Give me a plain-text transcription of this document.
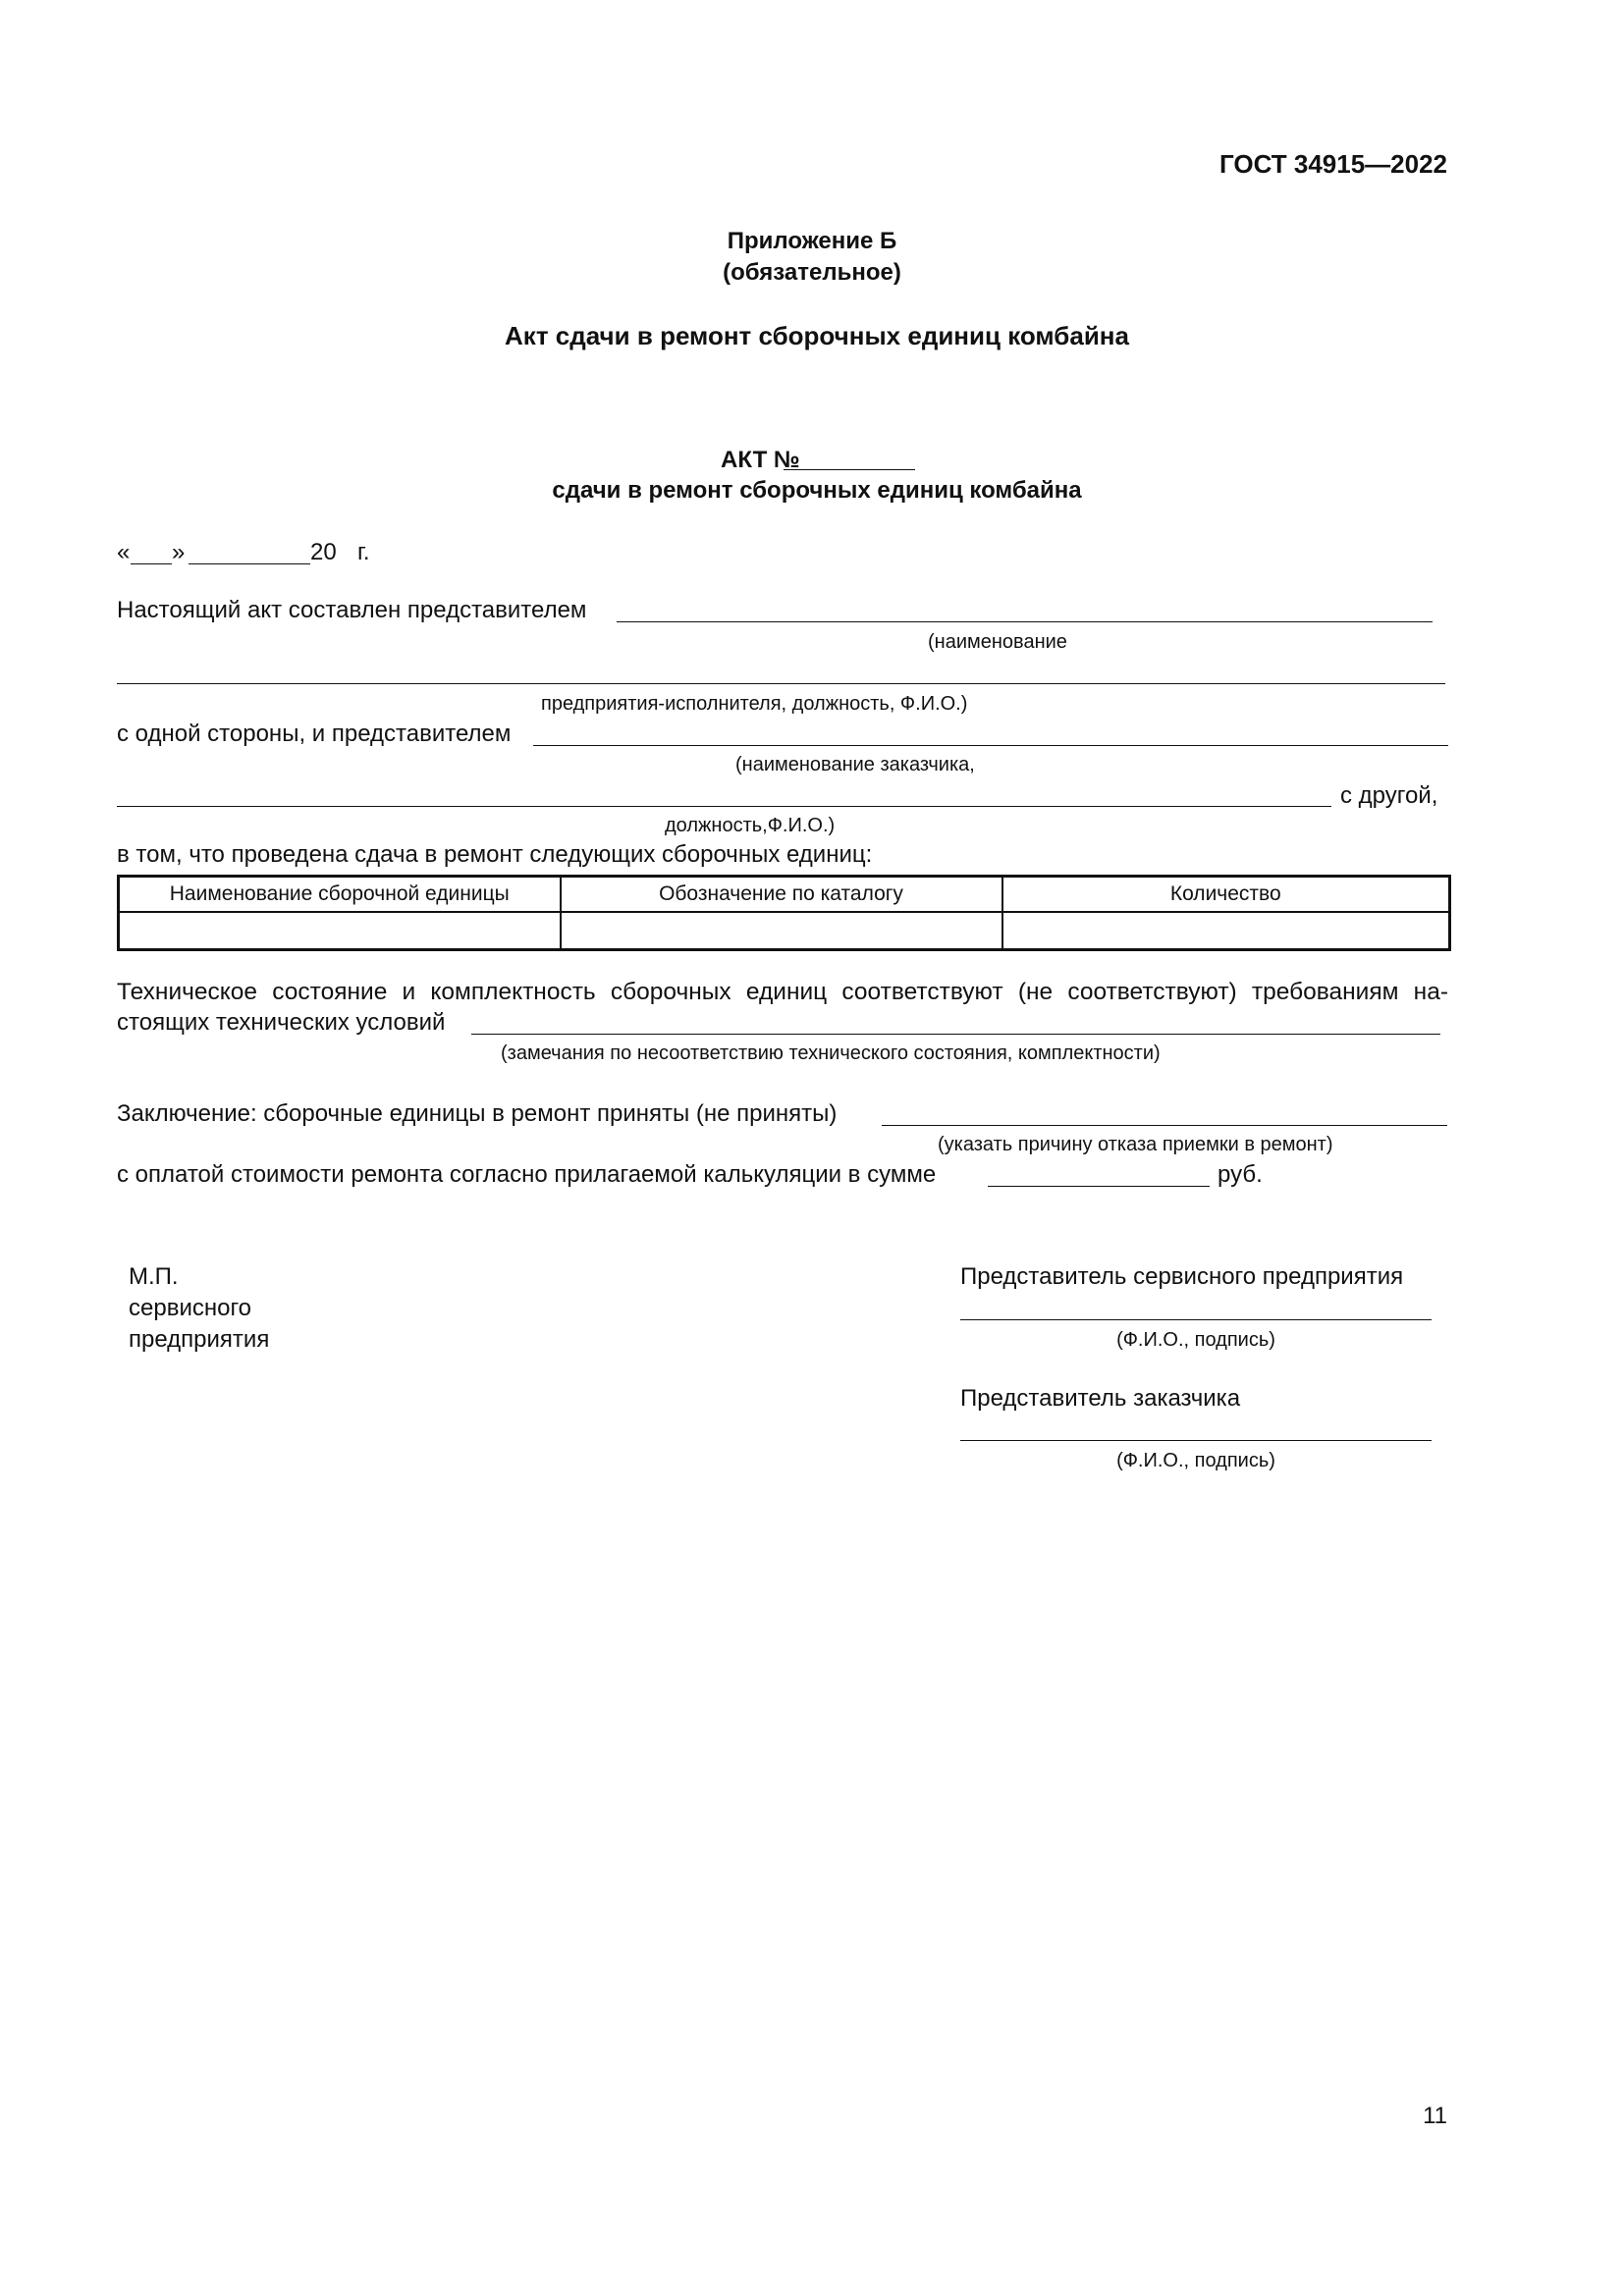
ГОСТ 34915—2022
Приложение Б
(обязательное)
Акт сдачи в ремонт сборочных единиц комбайна
АКТ №
сдачи в ремонт сборочных единиц комбайна
« »	20 г.
Настоящий акт составлен представителем
(наименование
предприятия-исполнителя, должность, Ф.И.О.)
с одной стороны, и представителем
(наименование заказчика,
с другой,
должность,Ф.И.О.)
в том, что проведена сдача в ремонт следующих сборочных единиц:
Наименование сборочной единицы	Обозначение по каталогу	Количество

Техническое состояние и комплектность сборочных единиц соответствуют (не соответствуют) требованиям на-
стоящих технических условий
(замечания по несоответствию технического состояния, комплектности)
Заключение: сборочные единицы в ремонт приняты (не приняты)
(указать причину отказа приемки в ремонт)
с оплатой стоимости ремонта согласно прилагаемой калькуляции в сумме	руб.
М.П.
сервисного
предприятия
Представитель сервисного предприятия
(Ф.И.О., подпись)
Представитель заказчика
(Ф.И.О., подпись)
11
